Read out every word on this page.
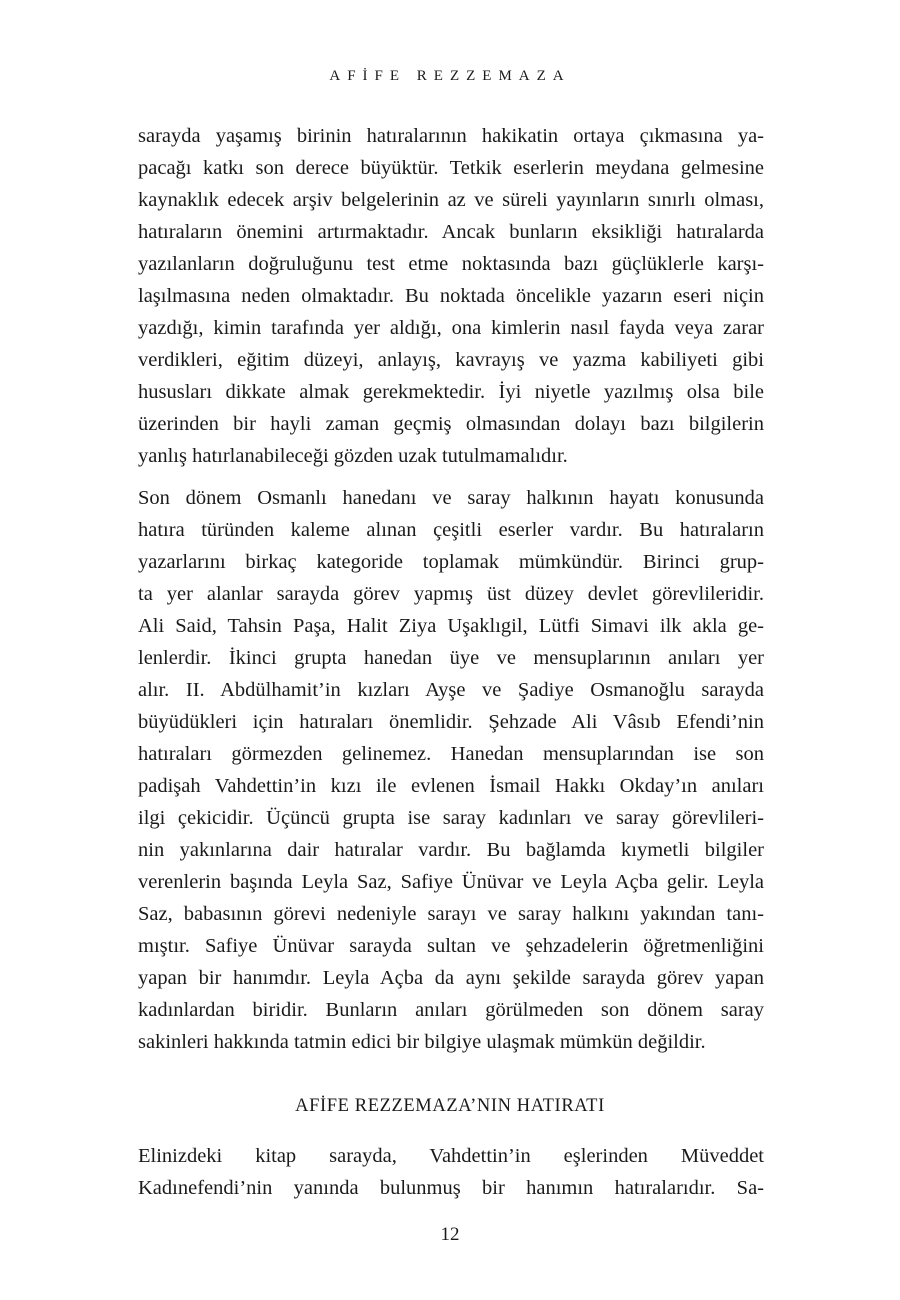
AFİFE REZZEMAZA
sarayda yaşamış birinin hatıralarının hakikatin ortaya çıkmasına ya-
pacağı katkı son derece büyüktür. Tetkik eserlerin meydana gelmesine
kaynaklık edecek arşiv belgelerinin az ve süreli yayınların sınırlı olması,
hatıraların önemini artırmaktadır. Ancak bunların eksikliği hatıralarda
yazılanların doğruluğunu test etme noktasında bazı güçlüklerle karşı-
laşılmasına neden olmaktadır. Bu noktada öncelikle yazarın eseri niçin
yazdığı, kimin tarafında yer aldığı, ona kimlerin nasıl fayda veya zarar
verdikleri, eğitim düzeyi, anlayış, kavrayış ve yazma kabiliyeti gibi
hususları dikkate almak gerekmektedir. İyi niyetle yazılmış olsa bile
üzerinden bir hayli zaman geçmiş olmasından dolayı bazı bilgilerin
yanlış hatırlanabileceği gözden uzak tutulmamalıdır.
Son dönem Osmanlı hanedanı ve saray halkının hayatı konusunda
hatıra türünden kaleme alınan çeşitli eserler vardır. Bu hatıraların
yazarlarını birkaç kategoride toplamak mümkündür. Birinci grup-
ta yer alanlar sarayda görev yapmış üst düzey devlet görevlileridir.
Ali Said, Tahsin Paşa, Halit Ziya Uşaklıgil, Lütfi Simavi ilk akla ge-
lenlerdir. İkinci grupta hanedan üye ve mensuplarının anıları yer
alır. II. Abdülhamit’in kızları Ayşe ve Şadiye Osmanoğlu sarayda
büyüdükleri için hatıraları önemlidir. Şehzade Ali Vâsıb Efendi’nin
hatıraları görmezden gelinemez. Hanedan mensuplarından ise son
padişah Vahdettin’in kızı ile evlenen İsmail Hakkı Okday’ın anıları
ilgi çekicidir. Üçüncü grupta ise saray kadınları ve saray görevlileri-
nin yakınlarına dair hatıralar vardır. Bu bağlamda kıymetli bilgiler
verenlerin başında Leyla Saz, Safiye Ünüvar ve Leyla Açba gelir. Leyla
Saz, babasının görevi nedeniyle sarayı ve saray halkını yakından tanı-
mıştır. Safiye Ünüvar sarayda sultan ve şehzadelerin öğretmenliğini
yapan bir hanımdır. Leyla Açba da aynı şekilde sarayda görev yapan
kadınlardan biridir. Bunların anıları görülmeden son dönem saray
sakinleri hakkında tatmin edici bir bilgiye ulaşmak mümkün değildir.
AFİFE REZZEMAZA’NIN HATIRATI
Elinizdeki kitap sarayda, Vahdettin’in eşlerinden Müveddet
Kadınefendi’nin yanında bulunmuş bir hanımın hatıralarıdır. Sa-
12
